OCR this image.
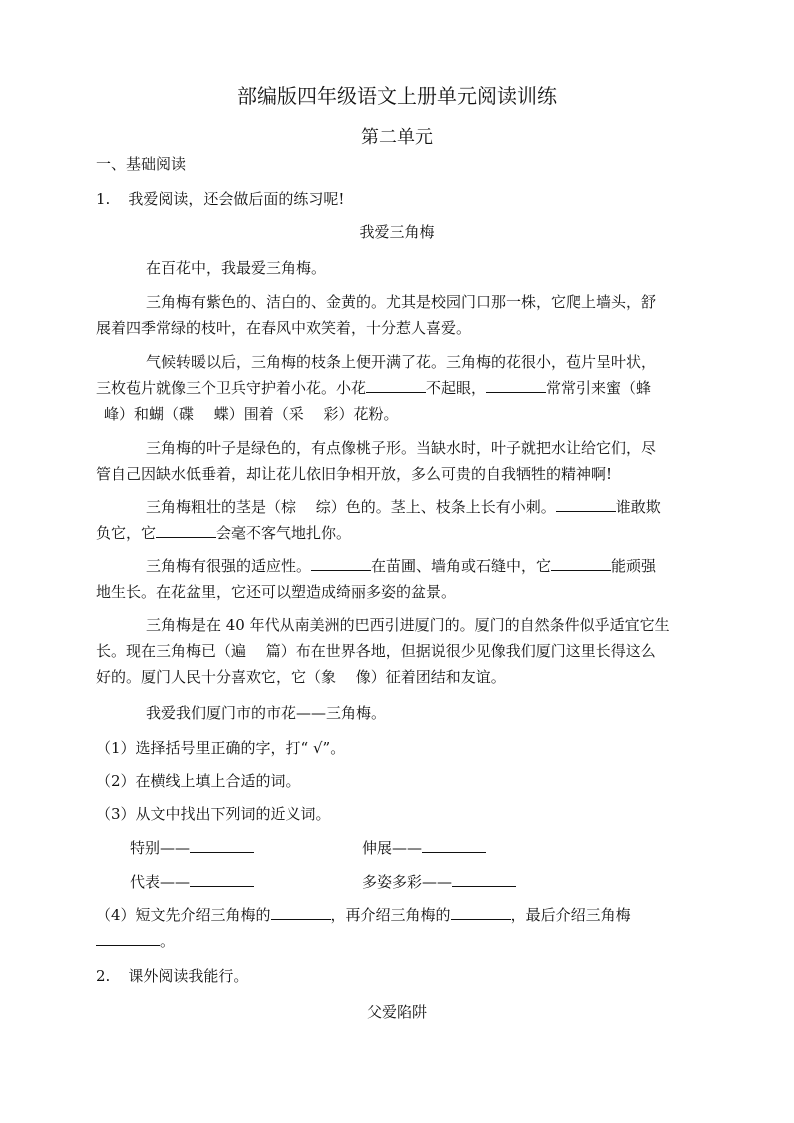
部编版四年级语文上册单元阅读训练
第二单元
一、基础阅读
1. 我爱阅读，还会做后面的练习呢!
我爱三角梅
在百花中，我最爱三角梅。
三角梅有紫色的、洁白的、金黄的。尤其是校园门口那一株，它爬上墙头，舒
展着四季常绿的枝叶，在春风中欢笑着，十分惹人喜爱。
气候转暖以后，三角梅的枝条上便开满了花。三角梅的花很小，苞片呈叶状，
三枚苞片就像三个卫兵守护着小花。小花	不起眼，	常常引来蜜（蜂
峰）和蝴（碟　 蝶）围着（采　 彩）花粉。
三角梅的叶子是绿色的，有点像桃子形。当缺水时，叶子就把水让给它们，尽
管自己因缺水低垂着，却让花儿依旧争相开放，多么可贵的自我牺牲的精神啊!
三角梅粗壮的茎是（棕　 综）色的。茎上、枝条上长有小刺。	谁敢欺
负它，它	会毫不客气地扎你。
三角梅有很强的适应性。	在苗圃、墙角或石缝中，它	能顽强
地生长。在花盆里，它还可以塑造成绮丽多姿的盆景。
三角梅是在 40 年代从南美洲的巴西引进厦门的。厦门的自然条件似乎适宜它生
长。现在三角梅已（遍　 篇）布在世界各地，但据说很少见像我们厦门这里长得这么
好的。厦门人民十分喜欢它，它（象　 像）征着团结和友谊。
我爱我们厦门市的市花——三角梅。
（1）选择括号里正确的字，打“ √”。
（2）在横线上填上合适的词。
（3）从文中找出下列词的近义词。
特别——	伸展——
代表——	多姿多彩——
（4）短文先介绍三角梅的	，再介绍三角梅的	，最后介绍三角梅
。
2. 课外阅读我能行。
父爱陷阱
